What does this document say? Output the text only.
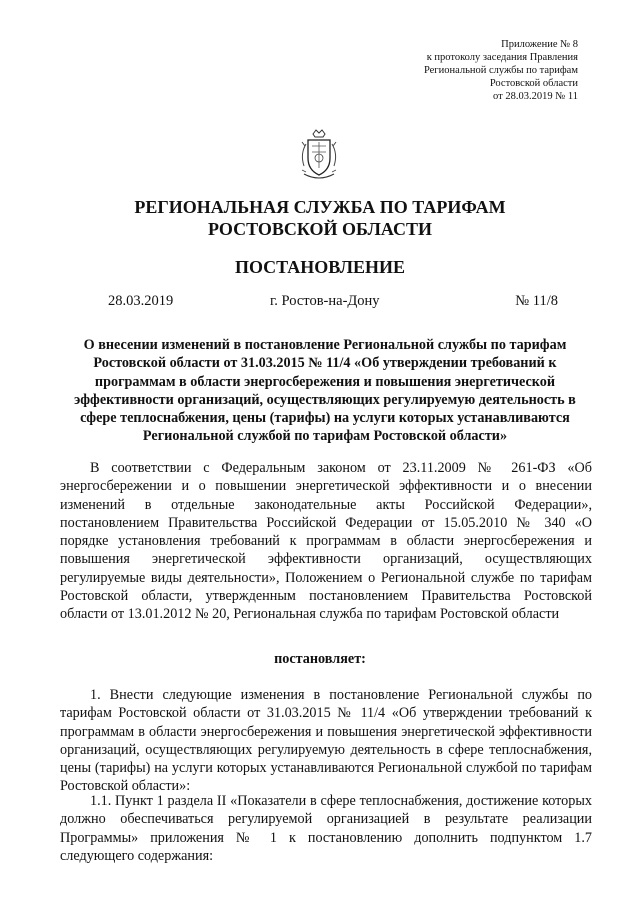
Приложение № 8
к протоколу заседания Правления
Региональной службы по тарифам
Ростовской области
от 28.03.2019 № 11
РЕГИОНАЛЬНАЯ СЛУЖБА ПО ТАРИФАМ
РОСТОВСКОЙ ОБЛАСТИ
ПОСТАНОВЛЕНИЕ
28.03.2019	г. Ростов-на-Дону	№ 11/8
О внесении изменений в постановление Региональной службы по тарифам Ростовской области от 31.03.2015 № 11/4 «Об утверждении требований к программам в области энергосбережения и повышения энергетической эффективности организаций, осуществляющих регулируемую деятельность в сфере теплоснабжения, цены (тарифы) на услуги которых устанавливаются Региональной службой по тарифам Ростовской области»
В соответствии с Федеральным законом от 23.11.2009 № 261-ФЗ «Об энергосбережении и о повышении энергетической эффективности и о внесении изменений в отдельные законодательные акты Российской Федерации», постановлением Правительства Российской Федерации от 15.05.2010 № 340 «О порядке установления требований к программам в области энергосбережения и повышения энергетической эффективности организаций, осуществляющих регулируемые виды деятельности», Положением о Региональной службе по тарифам Ростовской области, утвержденным постановлением Правительства Ростовской области от 13.01.2012 № 20, Региональная служба по тарифам Ростовской области
постановляет:
1. Внести следующие изменения в постановление Региональной службы по тарифам Ростовской области от 31.03.2015 № 11/4 «Об утверждении требований к программам в области энергосбережения и повышения энергетической эффективности организаций, осуществляющих регулируемую деятельность в сфере теплоснабжения, цены (тарифы) на услуги которых устанавливаются Региональной службой по тарифам Ростовской области»:
1.1. Пункт 1 раздела II «Показатели в сфере теплоснабжения, достижение которых должно обеспечиваться регулируемой организацией в результате реализации Программы» приложения № 1 к постановлению дополнить подпунктом 1.7 следующего содержания:
